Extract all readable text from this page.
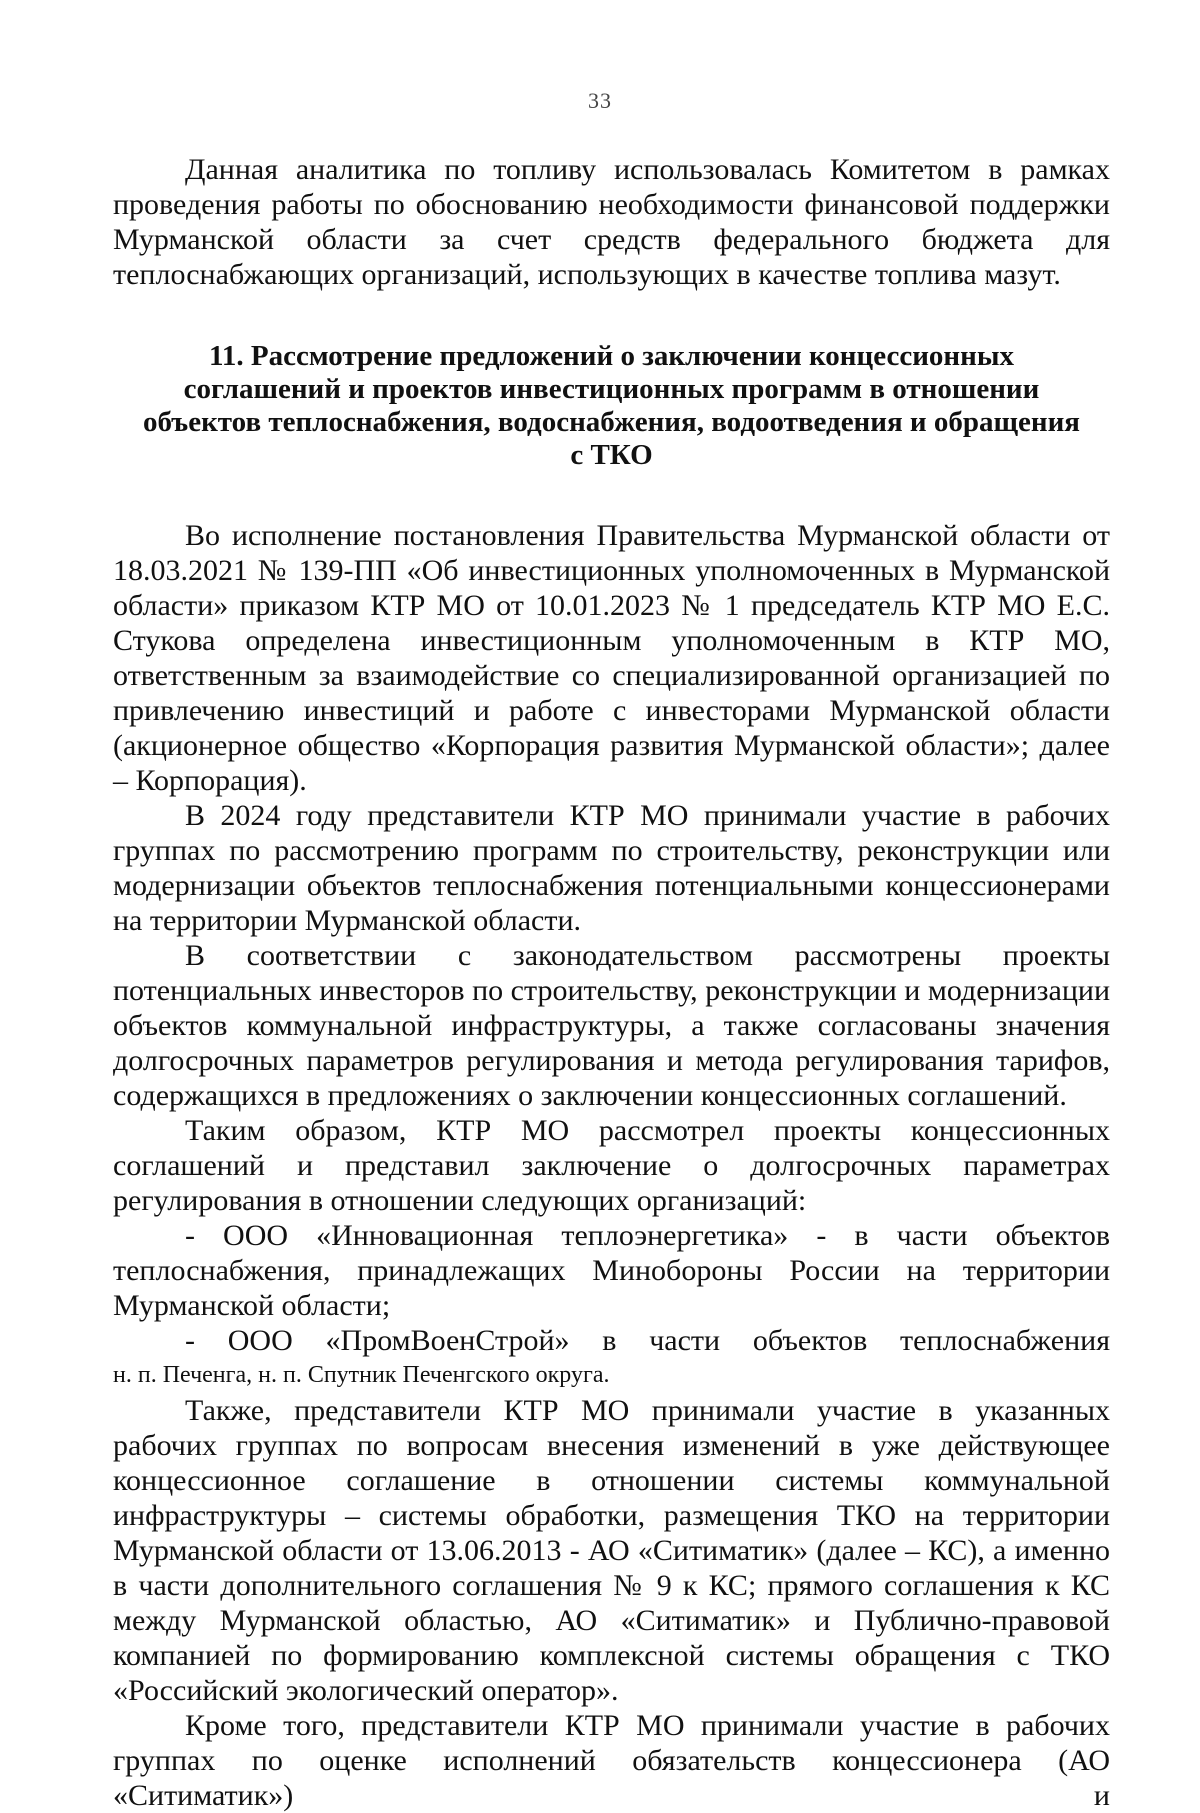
33

Данная аналитика по топливу использовалась Комитетом в рамках проведения работы по обоснованию необходимости финансовой поддержки Мурманской области за счет средств федерального бюджета для теплоснабжающих организаций, использующих в качестве топлива мазут.

11. Рассмотрение предложений о заключении концессионных
соглашений и проектов инвестиционных программ в отношении
объектов теплоснабжения, водоснабжения, водоотведения и обращения
с ТКО

Во исполнение постановления Правительства Мурманской области от 18.03.2021 № 139-ПП «Об инвестиционных уполномоченных в Мурманской области» приказом КТР МО от 10.01.2023 № 1 председатель КТР МО Е.С. Стукова определена инвестиционным уполномоченным в КТР МО, ответственным за взаимодействие со специализированной организацией по привлечению инвестиций и работе с инвесторами Мурманской области (акционерное общество «Корпорация развития Мурманской области»; далее – Корпорация).

В 2024 году представители КТР МО принимали участие в рабочих группах по рассмотрению программ по строительству, реконструкции или модернизации объектов теплоснабжения потенциальными концессионерами на территории Мурманской области.

В соответствии с законодательством рассмотрены проекты потенциальных инвесторов по строительству, реконструкции и модернизации объектов коммунальной инфраструктуры, а также согласованы значения долгосрочных параметров регулирования и метода регулирования тарифов, содержащихся в предложениях о заключении концессионных соглашений.

Таким образом, КТР МО рассмотрел проекты концессионных соглашений и представил заключение о долгосрочных параметрах регулирования в отношении следующих организаций:

- ООО «Инновационная теплоэнергетика» - в части объектов теплоснабжения, принадлежащих Минобороны России на территории Мурманской области;

- ООО «ПромВоенСтрой» в части объектов теплоснабжения

н. п. Печенга, н. п. Спутник Печенгского округа.

Также, представители КТР МО принимали участие в указанных рабочих группах по вопросам внесения изменений в уже действующее концессионное соглашение в отношении системы коммунальной инфраструктуры – системы обработки, размещения ТКО на территории Мурманской области от 13.06.2013 - АО «Ситиматик» (далее – КС), а именно в части дополнительного соглашения № 9 к КС; прямого соглашения к КС между Мурманской областью, АО «Ситиматик» и Публично-правовой компанией по формированию комплексной системы обращения с ТКО «Российский экологический оператор».

Кроме того, представители КТР МО принимали участие в рабочих группах по оценке исполнений обязательств концессионера (АО «Ситиматик») и
